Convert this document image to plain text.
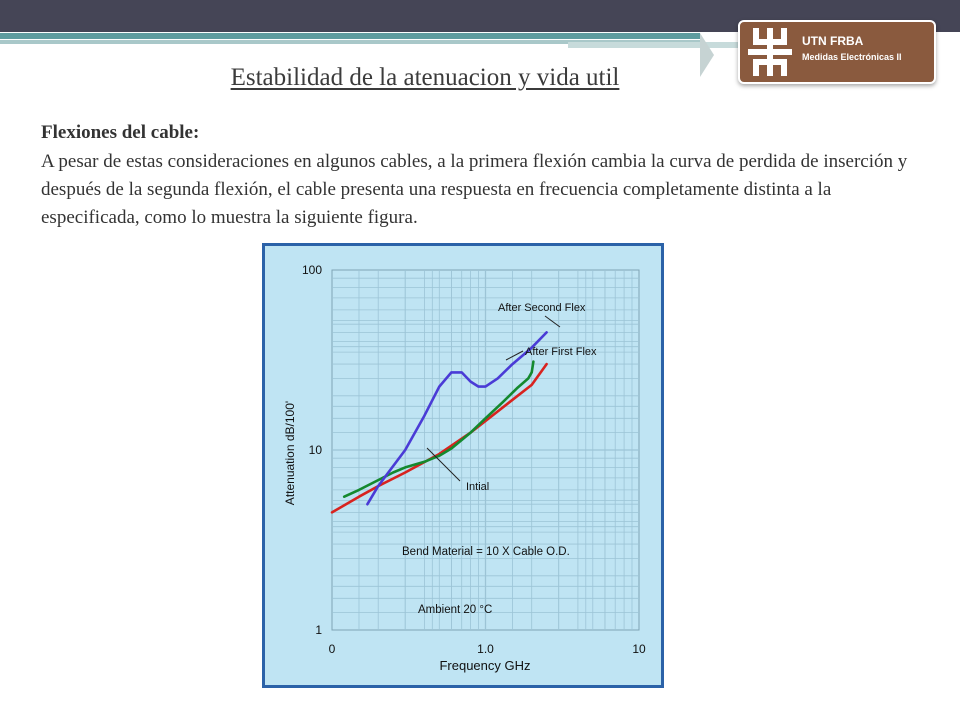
UTN FRBA
Medidas Electrónicas II
Estabilidad de la atenuacion y vida util
Flexiones del cable:

A pesar de estas consideraciones en algunos cables, a la primera flexión cambia la curva de perdida de inserción y después de la segunda flexión, el cable presenta una respuesta en frecuencia completamente distinta a la especificada, como lo muestra la siguiente figura.

0	1.0	10
100
10
1
Intial
After First Flex
After Second Flex
Bend Material = 10 X Cable O.D.
Ambient 20 °C
Frequency GHz
Attenuation dB/100'
